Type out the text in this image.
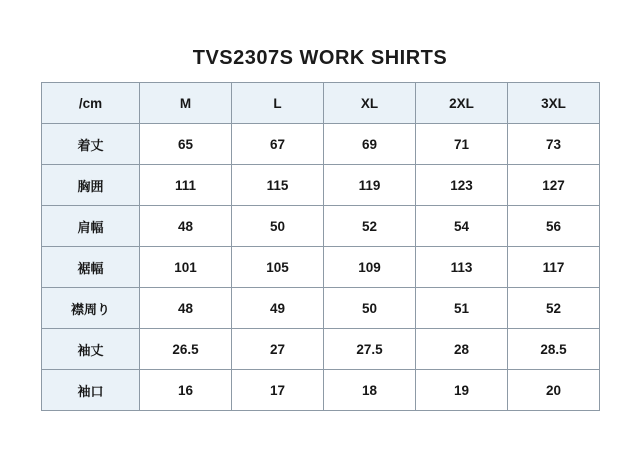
TVS2307S WORK SHIRTS
/cm	M	L	XL	2XL	3XL
着丈	65	67	69	71	73
胸囲	111	115	119	123	127
肩幅	48	50	52	54	56
裾幅	101	105	109	113	117
襟周り	48	49	50	51	52
袖丈	26.5	27	27.5	28	28.5
袖口	16	17	18	19	20
